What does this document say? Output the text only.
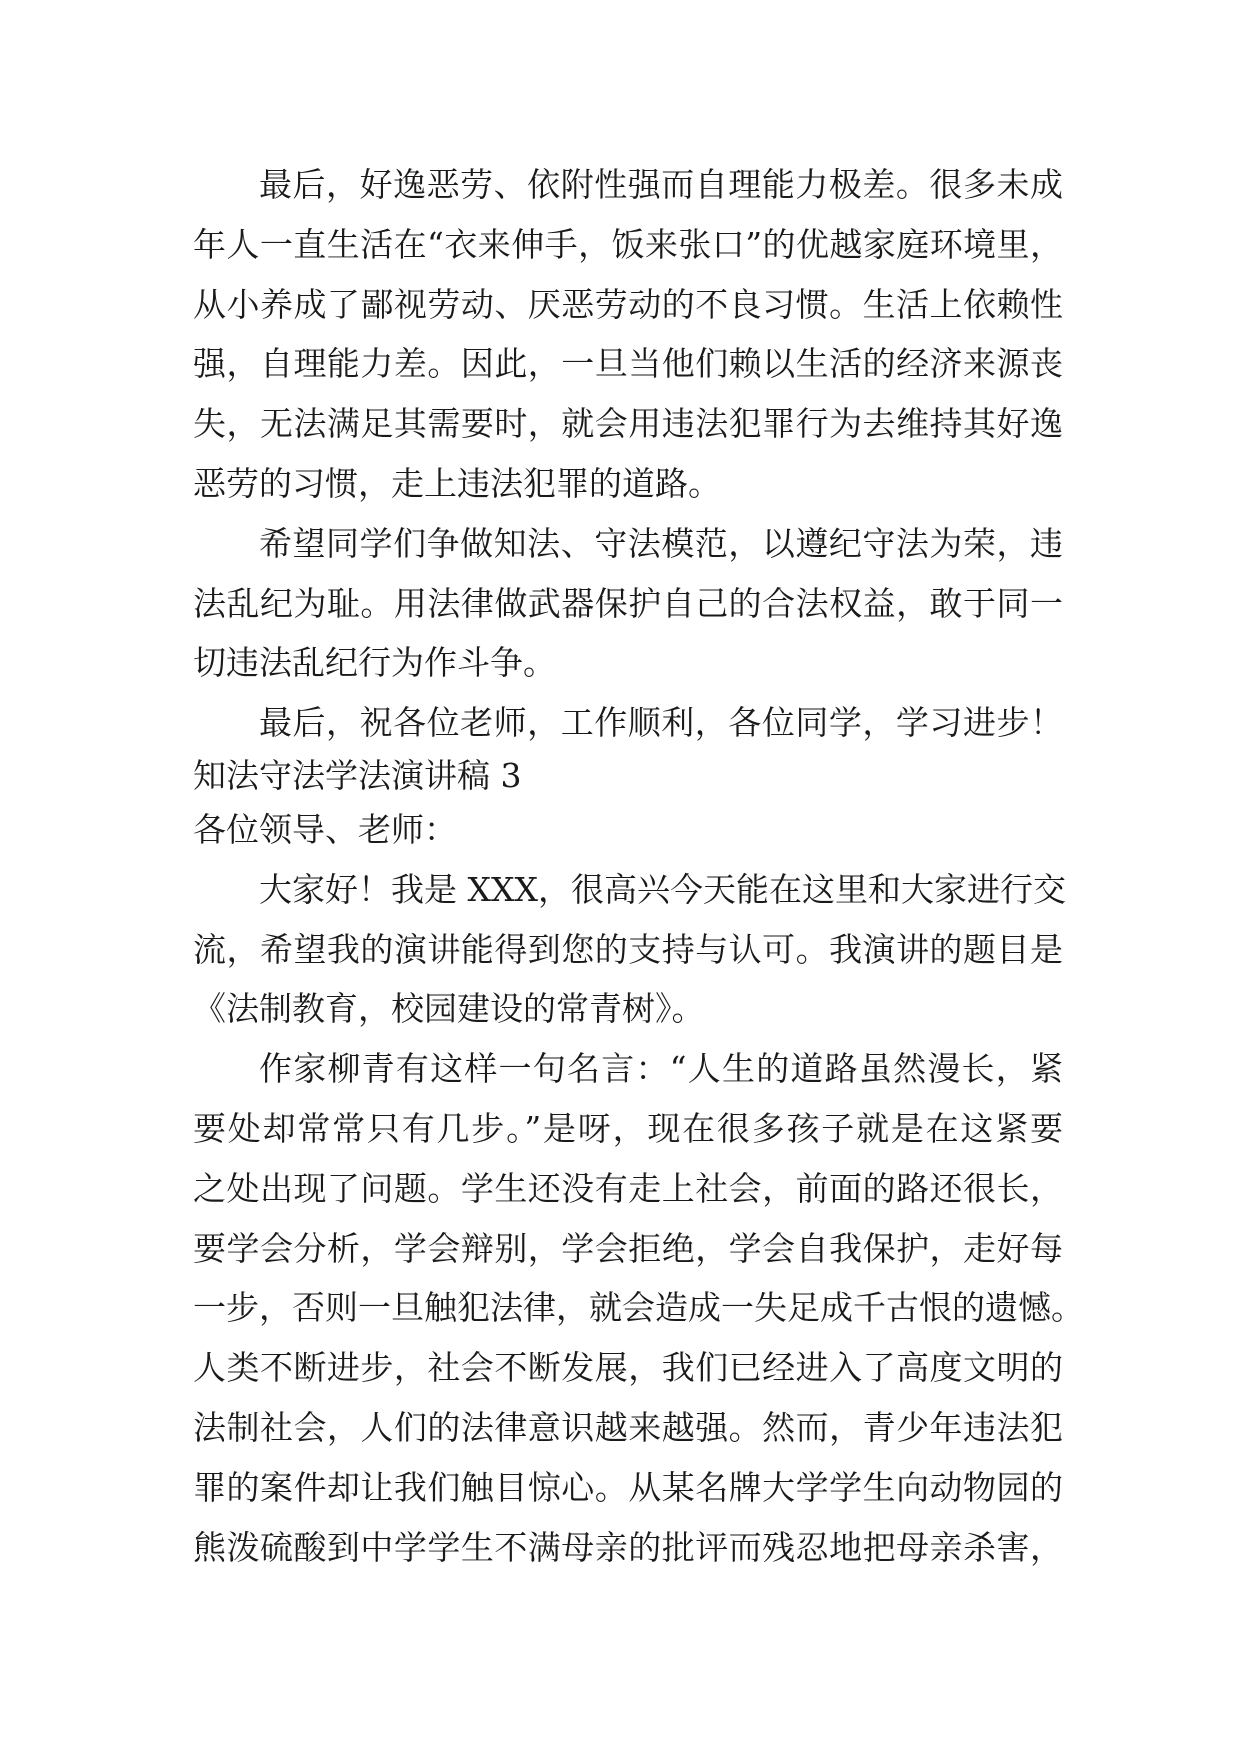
最后，好逸恶劳、依附性强而自理能力极差。很多未成
年人一直生活在“衣来伸手，饭来张口”的优越家庭环境里，
从小养成了鄙视劳动、厌恶劳动的不良习惯。生活上依赖性
强，自理能力差。因此，一旦当他们赖以生活的经济来源丧
失，无法满足其需要时，就会用违法犯罪行为去维持其好逸
恶劳的习惯，走上违法犯罪的道路。
希望同学们争做知法、守法模范，以遵纪守法为荣，违
法乱纪为耻。用法律做武器保护自己的合法权益，敢于同一
切违法乱纪行为作斗争。
最后，祝各位老师，工作顺利，各位同学，学习进步！
知法守法学法演讲稿 3
各位领导、老师：
大家好！我是 XXX，很高兴今天能在这里和大家进行交
流，希望我的演讲能得到您的支持与认可。我演讲的题目是
《法制教育，校园建设的常青树》。
作家柳青有这样一句名言：“人生的道路虽然漫长，紧
要处却常常只有几步。”是呀，现在很多孩子就是在这紧要
之处出现了问题。学生还没有走上社会，前面的路还很长，
要学会分析，学会辩别，学会拒绝，学会自我保护，走好每
一步，否则一旦触犯法律，就会造成一失足成千古恨的遗憾。
人类不断进步，社会不断发展，我们已经进入了高度文明的
法制社会，人们的法律意识越来越强。然而，青少年违法犯
罪的案件却让我们触目惊心。从某名牌大学学生向动物园的
熊泼硫酸到中学学生不满母亲的批评而残忍地把母亲杀害，
